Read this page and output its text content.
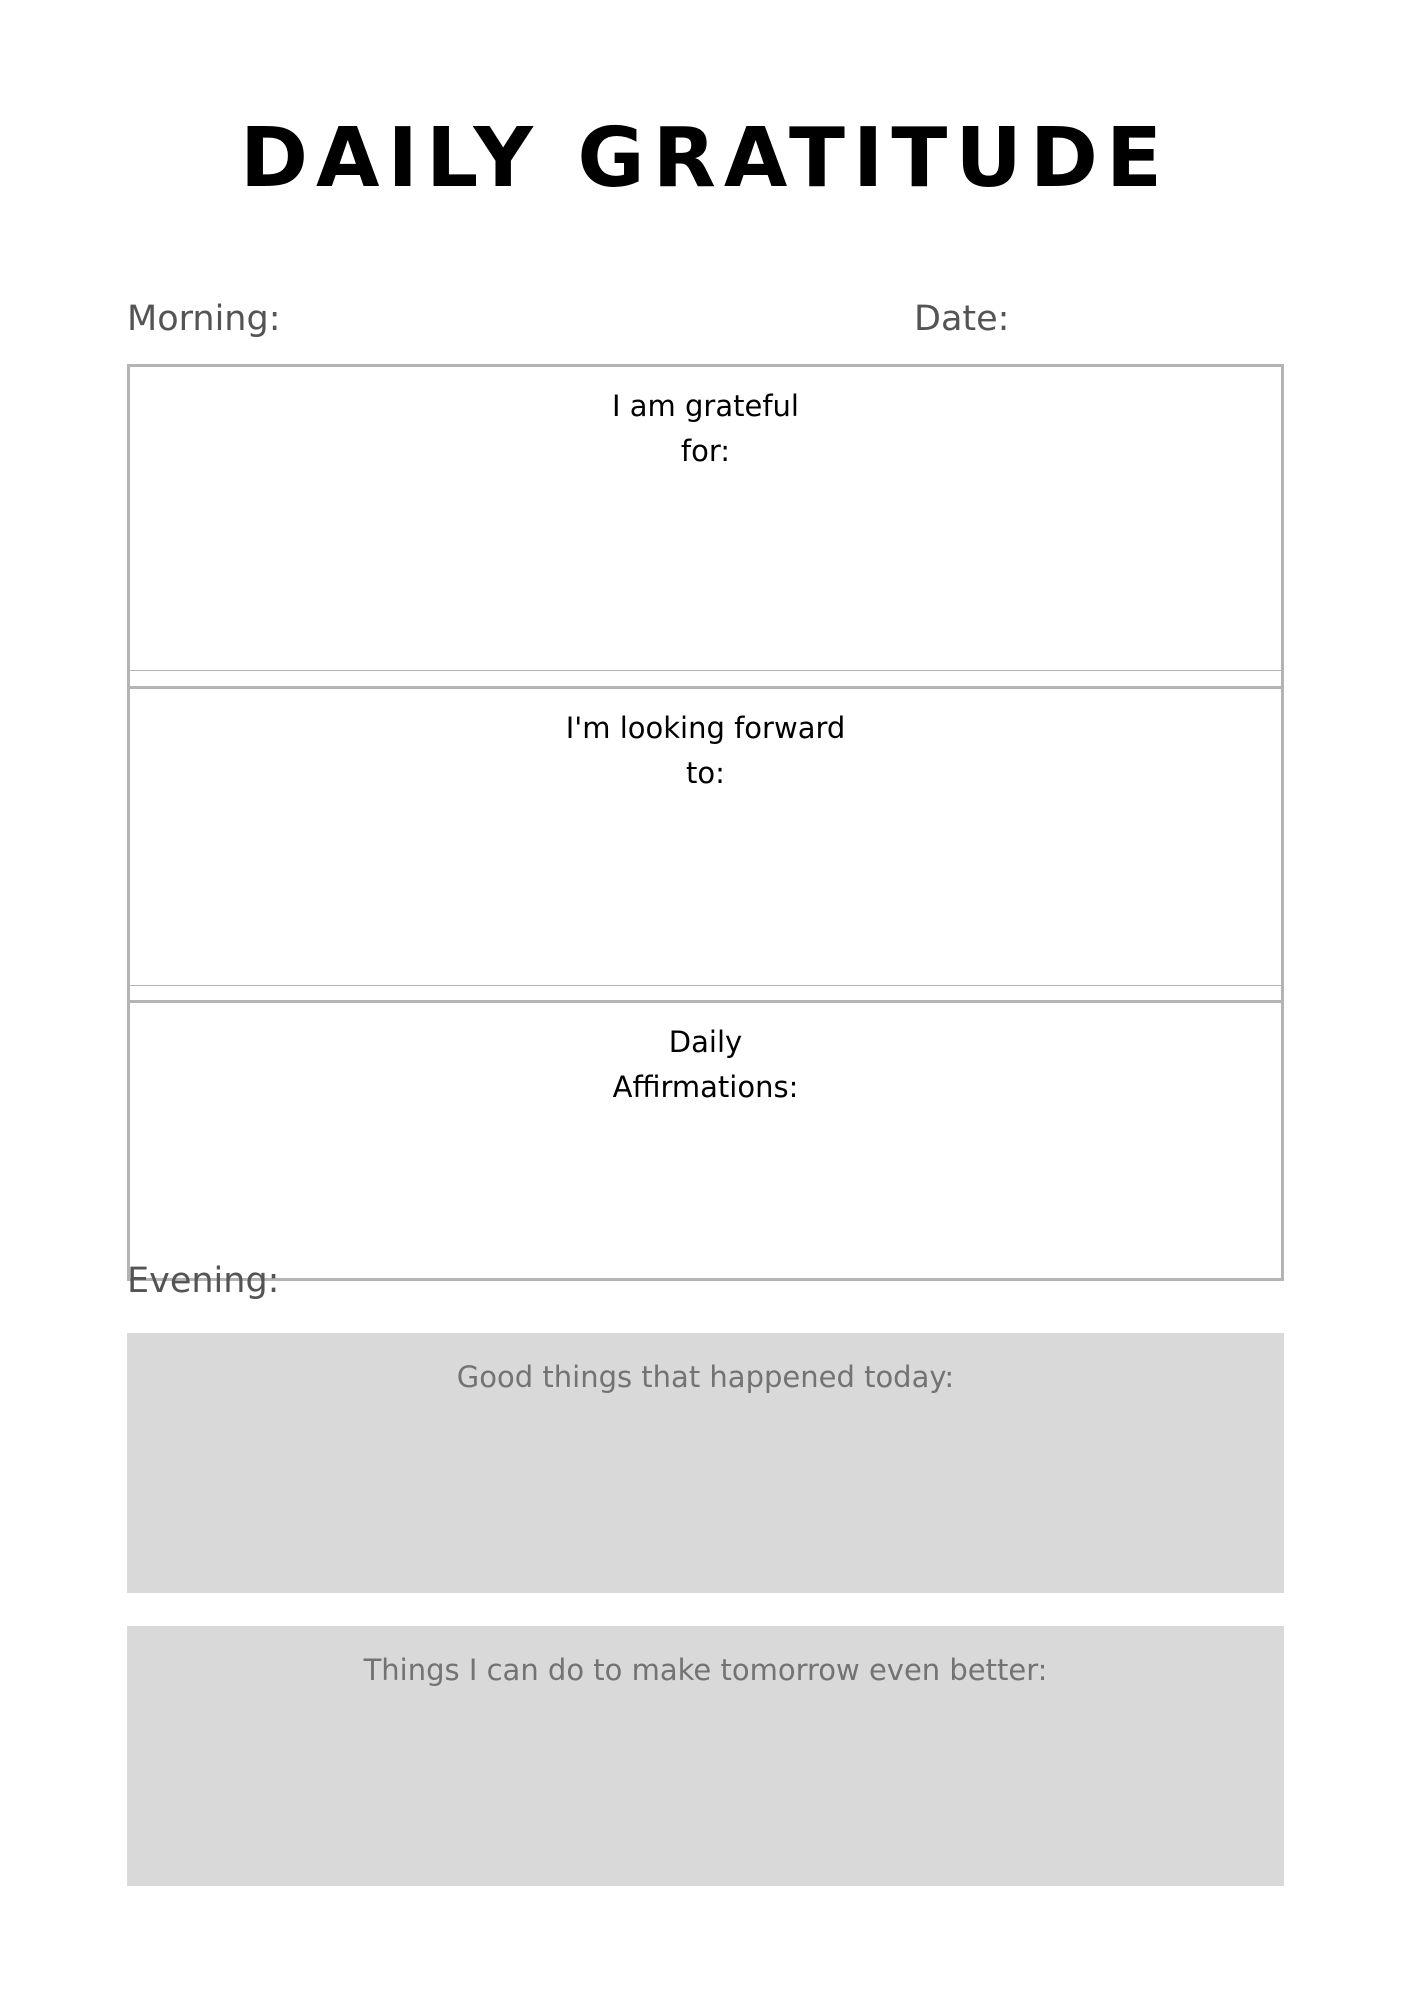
DAILY GRATITUDE
Morning:	Date:
I am grateful
for:
I'm looking forward
to:
Daily
Affirmations:
Evening:
Good things that happened today:
Things I can do to make tomorrow even better:
